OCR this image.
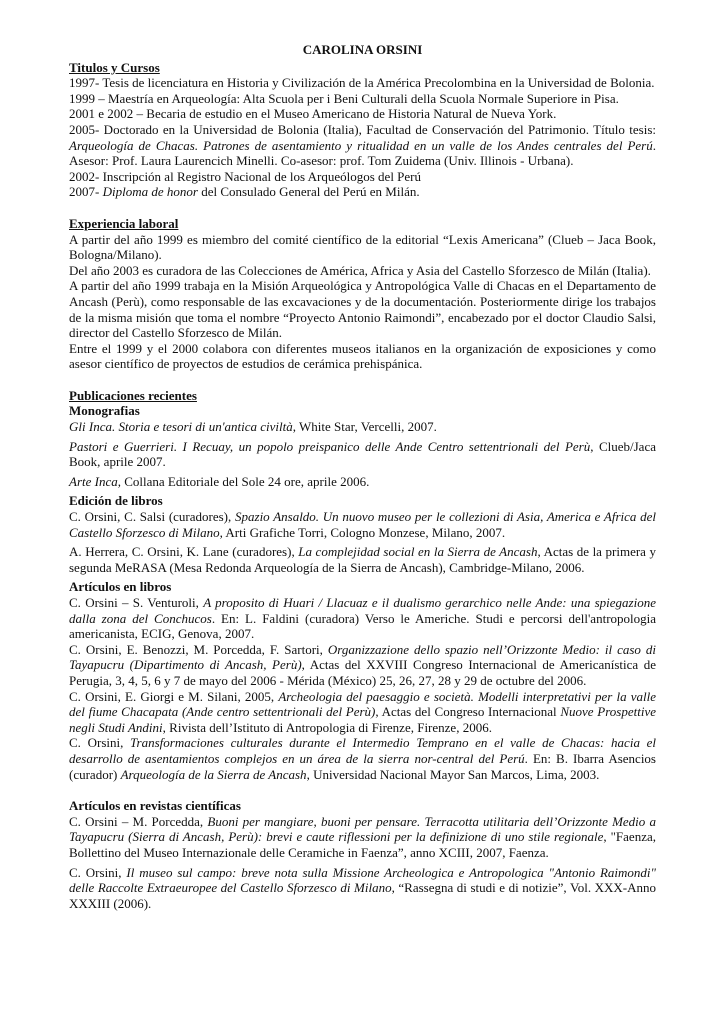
CAROLINA ORSINI
Titulos y Cursos

1997- Tesis de licenciatura en Historia y Civilización de la América Precolombina en la Universidad de Bolonia.

1999 – Maestría en Arqueología: Alta Scuola per i Beni Culturali della Scuola Normale Superiore in Pisa.

2001 e 2002 – Becaria de estudio en el Museo Americano de Historia Natural de Nueva York.

2005- Doctorado en la Universidad de Bolonia (Italia), Facultad de Conservación del Patrimonio. Título tesis: Arqueología de Chacas. Patrones de asentamiento y ritualidad en un valle de los Andes centrales del Perú. Asesor: Prof. Laura Laurencich Minelli. Co-asesor: prof. Tom Zuidema (Univ. Illinois - Urbana).

2002- Inscripción al Registro Nacional de los Arqueólogos del Perú

2007- Diploma de honor del Consulado General del Perú en Milán.

Experiencia laboral

A partir del año 1999 es miembro del comité científico de la editorial “Lexis Americana” (Clueb – Jaca Book, Bologna/Milano).

Del año 2003 es curadora de las Colecciones de América, Africa y Asia del Castello Sforzesco de Milán (Italia).

A partir del año 1999 trabaja en la Misión Arqueológica y Antropológica Valle di Chacas en el Departamento de Ancash (Perù), como responsable de las excavaciones y de la documentación. Posteriormente dirige los trabajos de la misma misión que toma el nombre “Proyecto Antonio Raimondi”, encabezado por el doctor Claudio Salsi, director del Castello Sforzesco de Milán.

Entre el 1999 y el 2000 colabora con diferentes museos italianos en la organización de exposiciones y como asesor científico de proyectos de estudios de cerámica prehispánica.

Publicaciones recientes
Monografias

Gli Inca. Storia e tesori di un'antica civiltà, White Star, Vercelli, 2007.

Pastori e Guerrieri. I Recuay, un popolo preispanico delle Ande Centro settentrionali del Perù, Clueb/Jaca Book, aprile 2007.

Arte Inca, Collana Editoriale del Sole 24 ore, aprile 2006.

Edición de libros

C. Orsini, C. Salsi (curadores), Spazio Ansaldo. Un nuovo museo per le collezioni di Asia, America e Africa del Castello Sforzesco di Milano, Arti Grafiche Torri, Cologno Monzese, Milano, 2007.

A. Herrera, C. Orsini, K. Lane (curadores), La complejidad social en la Sierra de Ancash, Actas de la primera y segunda MeRASA (Mesa Redonda Arqueología de la Sierra de Ancash), Cambridge-Milano, 2006.

Artículos en libros

C. Orsini – S. Venturoli, A proposito di Huari / Llacuaz e il dualismo gerarchico nelle Ande: una spiegazione dalla zona del Conchucos. En: L. Faldini (curadora) Verso le Americhe. Studi e percorsi dell'antropologia americanista, ECIG, Genova, 2007.

C. Orsini, E. Benozzi, M. Porcedda, F. Sartori, Organizzazione dello spazio nell’Orizzonte Medio: il caso di Tayapucru (Dipartimento di Ancash, Perù), Actas del XXVIII Congreso Internacional de Americanística de Perugia, 3, 4, 5, 6 y 7 de mayo del 2006 - Mérida (México) 25, 26, 27, 28 y 29 de octubre del 2006.

C. Orsini, E. Giorgi e M. Silani, 2005, Archeologia del paesaggio e società. Modelli interpretativi per la valle del fiume Chacapata (Ande centro settentrionali del Perù), Actas del Congreso Internacional Nuove Prospettive negli Studi Andini, Rivista dell’Istituto di Antropologia di Firenze, Firenze, 2006.

C. Orsini, Transformaciones culturales durante el Intermedio Temprano en el valle de Chacas: hacia el desarrollo de asentamientos complejos en un área de la sierra nor-central del Perú. En: B. Ibarra Asencios (curador) Arqueología de la Sierra de Ancash, Universidad Nacional Mayor San Marcos, Lima, 2003.

Artículos en revistas científicas

C. Orsini – M. Porcedda, Buoni per mangiare, buoni per pensare. Terracotta utilitaria dell’Orizzonte Medio a Tayapucru (Sierra di Ancash, Perù): brevi e caute riflessioni per la definizione di uno stile regionale, "Faenza, Bollettino del Museo Internazionale delle Ceramiche in Faenza”, anno XCIII, 2007, Faenza.

C. Orsini, Il museo sul campo: breve nota sulla Missione Archeologica e Antropologica "Antonio Raimondi" delle Raccolte Extraeuropee del Castello Sforzesco di Milano, “Rassegna di studi e di notizie”, Vol. XXX-Anno XXXIII (2006).
